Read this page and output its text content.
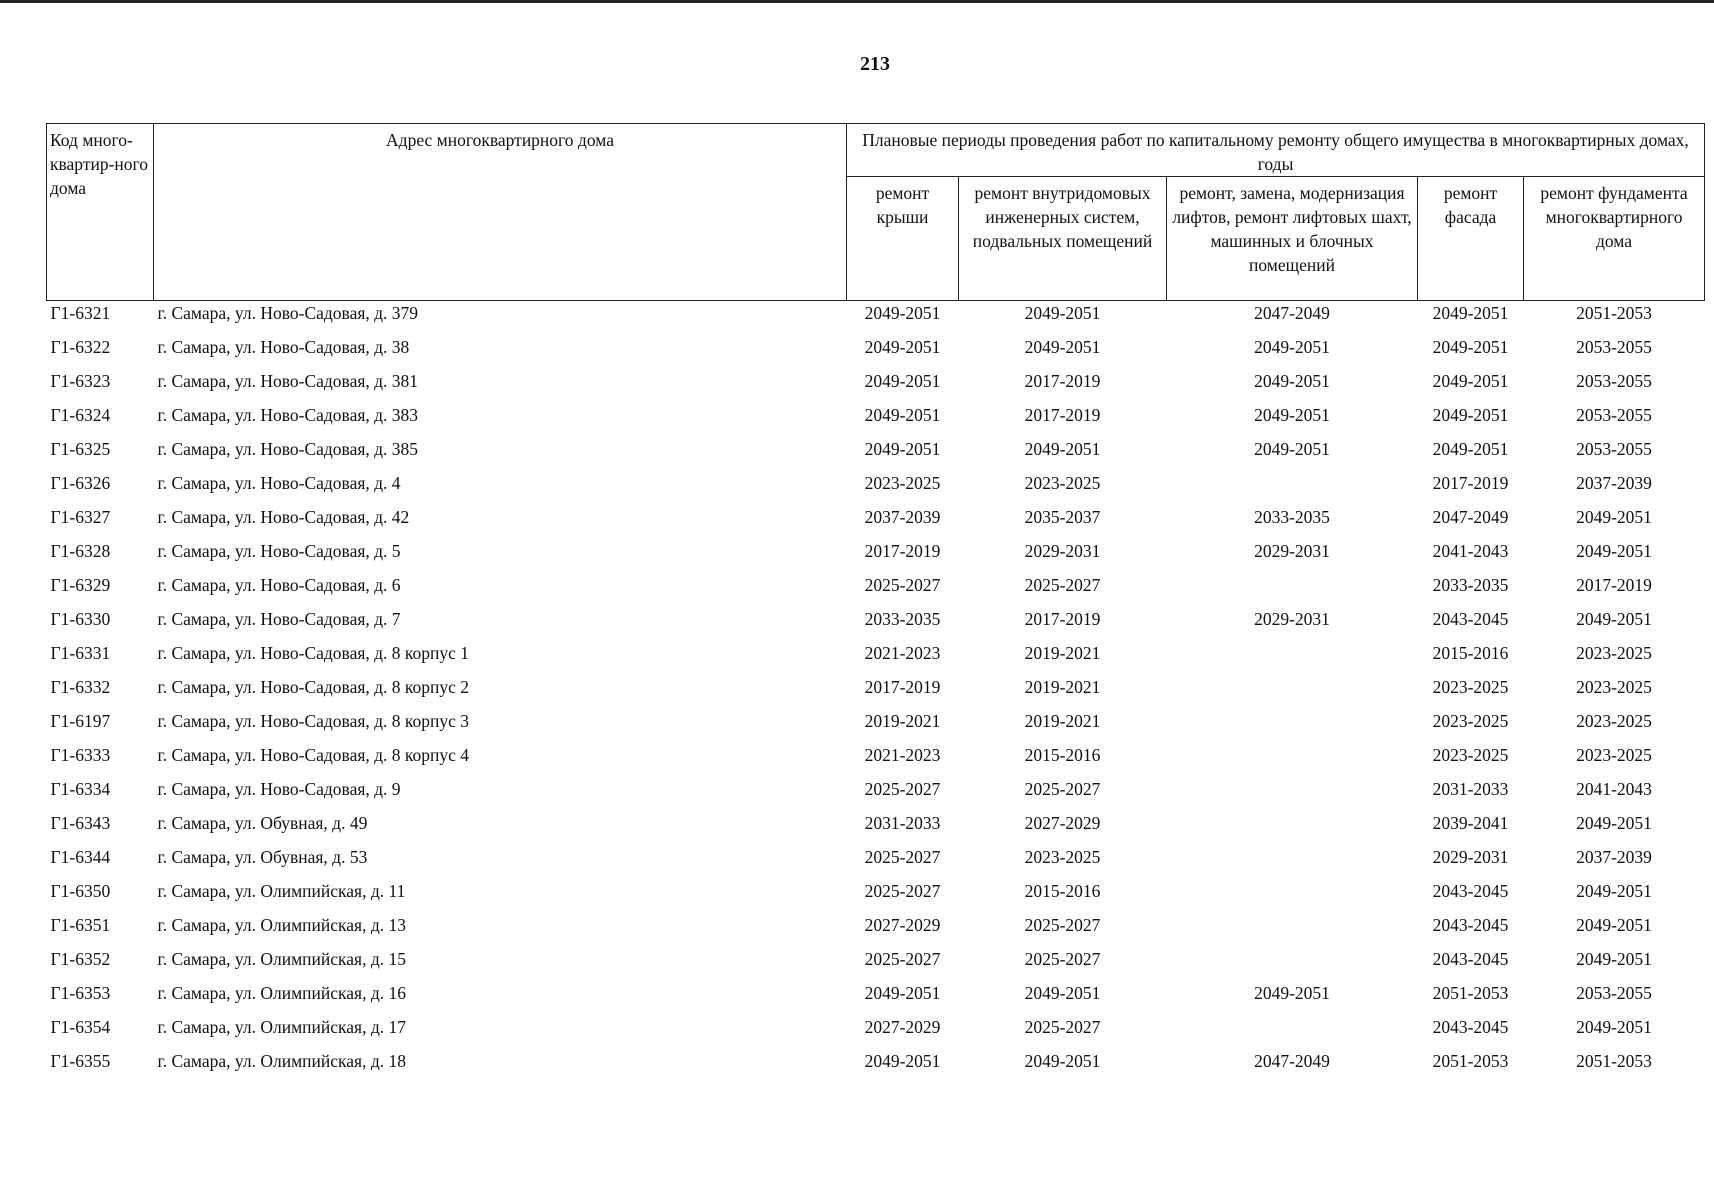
213
Код много-квартир-ного дома	Адрес многоквартирного дома	Плановые периоды проведения работ по капитальному ремонту общего имущества в многоквартирных домах, годы				
		ремонт крыши	ремонт внутридомовых инженерных систем, подвальных помещений	ремонт, замена, модернизация лифтов, ремонт лифтовых шахт, машинных и блочных помещений	ремонт фасада	ремонт фундамента многоквартирного дома
Г1-6321	г. Самара, ул. Ново-Садовая, д. 379	2049-2051	2049-2051	2047-2049	2049-2051	2051-2053
Г1-6322	г. Самара, ул. Ново-Садовая, д. 38	2049-2051	2049-2051	2049-2051	2049-2051	2053-2055
Г1-6323	г. Самара, ул. Ново-Садовая, д. 381	2049-2051	2017-2019	2049-2051	2049-2051	2053-2055
Г1-6324	г. Самара, ул. Ново-Садовая, д. 383	2049-2051	2017-2019	2049-2051	2049-2051	2053-2055
Г1-6325	г. Самара, ул. Ново-Садовая, д. 385	2049-2051	2049-2051	2049-2051	2049-2051	2053-2055
Г1-6326	г. Самара, ул. Ново-Садовая, д. 4	2023-2025	2023-2025		2017-2019	2037-2039
Г1-6327	г. Самара, ул. Ново-Садовая, д. 42	2037-2039	2035-2037	2033-2035	2047-2049	2049-2051
Г1-6328	г. Самара, ул. Ново-Садовая, д. 5	2017-2019	2029-2031	2029-2031	2041-2043	2049-2051
Г1-6329	г. Самара, ул. Ново-Садовая, д. 6	2025-2027	2025-2027		2033-2035	2017-2019
Г1-6330	г. Самара, ул. Ново-Садовая, д. 7	2033-2035	2017-2019	2029-2031	2043-2045	2049-2051
Г1-6331	г. Самара, ул. Ново-Садовая, д. 8 корпус 1	2021-2023	2019-2021		2015-2016	2023-2025
Г1-6332	г. Самара, ул. Ново-Садовая, д. 8 корпус 2	2017-2019	2019-2021		2023-2025	2023-2025
Г1-6197	г. Самара, ул. Ново-Садовая, д. 8 корпус 3	2019-2021	2019-2021		2023-2025	2023-2025
Г1-6333	г. Самара, ул. Ново-Садовая, д. 8 корпус 4	2021-2023	2015-2016		2023-2025	2023-2025
Г1-6334	г. Самара, ул. Ново-Садовая, д. 9	2025-2027	2025-2027		2031-2033	2041-2043
Г1-6343	г. Самара, ул. Обувная, д. 49	2031-2033	2027-2029		2039-2041	2049-2051
Г1-6344	г. Самара, ул. Обувная, д. 53	2025-2027	2023-2025		2029-2031	2037-2039
Г1-6350	г. Самара, ул. Олимпийская, д. 11	2025-2027	2015-2016		2043-2045	2049-2051
Г1-6351	г. Самара, ул. Олимпийская, д. 13	2027-2029	2025-2027		2043-2045	2049-2051
Г1-6352	г. Самара, ул. Олимпийская, д. 15	2025-2027	2025-2027		2043-2045	2049-2051
Г1-6353	г. Самара, ул. Олимпийская, д. 16	2049-2051	2049-2051	2049-2051	2051-2053	2053-2055
Г1-6354	г. Самара, ул. Олимпийская, д. 17	2027-2029	2025-2027		2043-2045	2049-2051
Г1-6355	г. Самара, ул. Олимпийская, д. 18	2049-2051	2049-2051	2047-2049	2051-2053	2051-2053
